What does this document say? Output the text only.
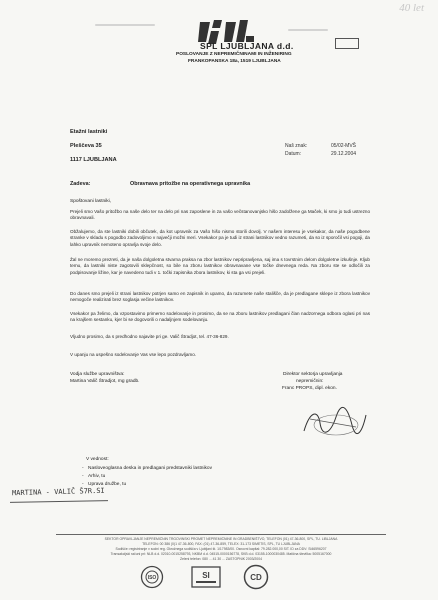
40 let
SPL LJUBLJANA d.d.
POSLOVANJE Z NEPREMIČNINAMI IN INŽENIRING
FRANKOPANSKA 18a, 1519 LJUBLJANA
Etažni lastniki
Pleščeva 35
1117 LJUBLJANA
Naš znak:	05/02-MVŠ
Datum:	29.12.2004
Zadeva:	Obravnava pritožbe na operativnega upravnika
Spoštovani lastniki,
Prejeli smo Vašo pritožbo na naše delo ter na delo pri nas zaposlene in za vašo večstanovanjsko hišo zadolžene ga Maček, ki smo jo tudi ustrezno obravnavali.
Obžalujemo, da ste lastniki dobili občutek, da kot upravnik za Vašo hišo nismo storili dovolj. V našem interesu je vsekakor, da naše pogodbene stranke v skladu s pogodbo zadovoljimo v največji možni meri. Vsekakor pa je tudi iz strani lastnikov vedno razumeti, da so iz sporočil vsi pogoji, da lahko upravnik nemoteno opravlja svoje delo.
Žal ne moremo prezreti, da je naša dolgoletna stvarna praksa na zbor lastnikov nepripravljena, saj ima s tovrstnim delom dolgoletne izkušnje. Kljub temu, da lastniki niste zagotovili sklepčnost, so bile na zboru lastnikov obravnavane vse točke dnevnega reda. Na zboru ste se odločili za podpisovanje ližine, kar je navedeno tudi v 1. točki zapisnika zbora lastnikov, ki sta ga vsi prejeli.
Do danes smo prejeli iz strani lastnikov potrjen samo en zapisnik in upamo, da razumete naše stališče, da je predlagane sklepe iz zbora lastnikov nemogoče realizirati brez soglasja večine lastnikov.
Vsekakor pa želimo, da vzpostavimo primerno sodelovanje in prosimo, da se na zboru lastnikov predlagani član nadzornega odbora oglasi pri nas na krajšem sestanku, kjer bi se dogovorili o nadaljnjem sodelovanju.
Vljudno prosimo, da s predhodno najavite pri ge. Valič Štradjot, tel. 47-36-829.
V upanju na uspešno sodelovanje Vas vse lepo pozdravljamo.
Vodja službe upravništva:
Martina Valič Štradjot, mg gradb.
Direktor sektorja upravljanja
nepremičnin:
Franc PROPS, dipl. ekon.
V vednost:
- Nasloveoglasna deska in predlagani predstavniki lastnikov
- Arhiv, tu
- Uprava družbe, tu
MARTINA - VALIČ Š7R.SI
SEKTOR OPRAVLJANJE NEPREMIČNIN TRGOVINSKI PROMET NEPREMIČNINE IN GRADBENIŠTVO, TELEFON (01) 47-36-800, SPL, TU. LIBLJANA
TELEFON: 00 386 (0)1 47-36-800, FAX: (01) 47-36-859, TELEX: 31-173 SIMETIS, SPL, TU LJUBLJANA
Sodišče: registriranje v sodni reg. Okrožnega sodišča v Ljubljani št. 1/17983/00. Osnovni kapital: 79.282.000,00 SIT. ID za DDV: SI46596207
Transakcijski računi pri: NLB d.d. 02010-0015258793, NKBM d.d. 04515-0000156778, SKB d.d. 03155-1000030485. Matična številka: 5005167000
Zeleni telefon: 080 ... 41 30 ... ZASTOPNIK 2003/2004
ISO	SI	CD
